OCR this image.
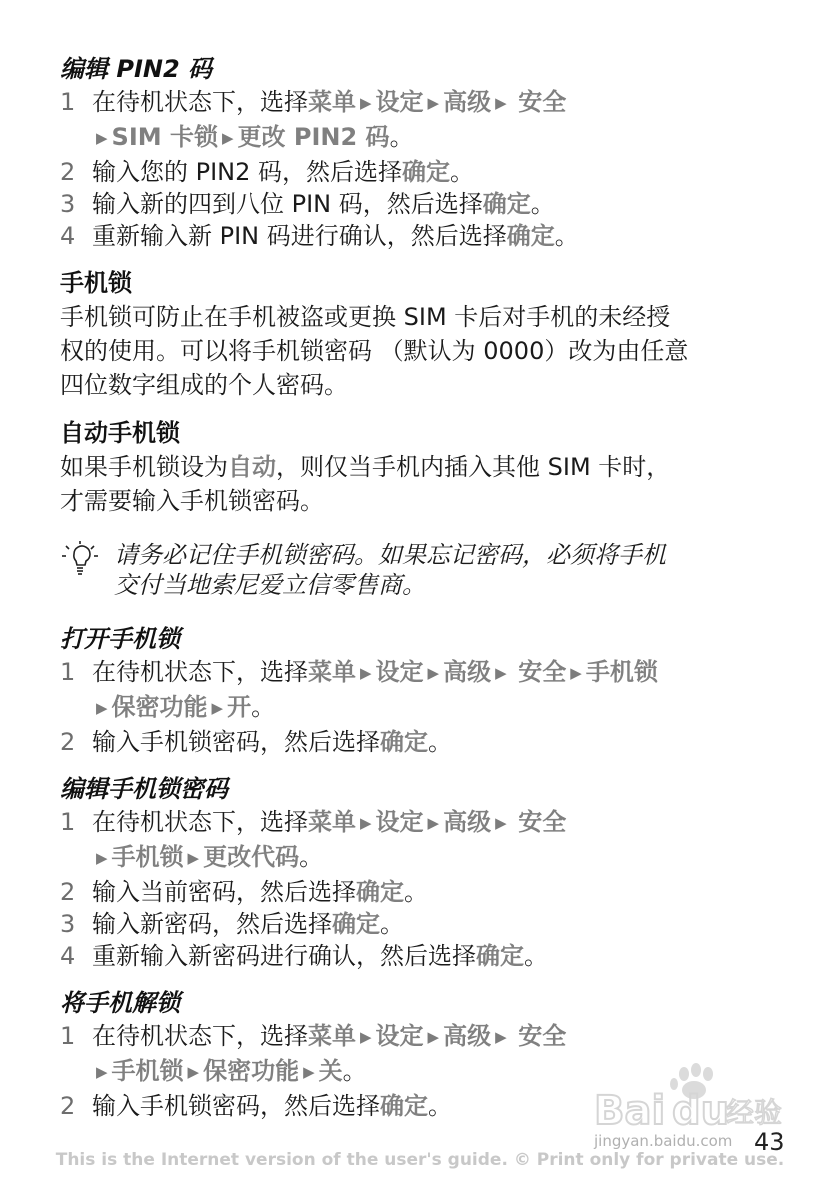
编辑 PIN2 码
1 在待机状态下，选择菜单 ▶ 设定 ▶ 高级 ▶ 安全
▶ SIM 卡锁 ▶ 更改 PIN2 码。
2 输入您的 PIN2 码，然后选择确定。
3 输入新的四到八位 PIN 码，然后选择确定。
4 重新输入新 PIN 码进行确认，然后选择确定。
手机锁

手机锁可防止在手机被盗或更换 SIM 卡后对手机的未经授

权的使用。可以将手机锁密码 （默认为 0000）改为由任意

四位数字组成的个人密码。

自动手机锁

如果手机锁设为自动，则仅当手机内插入其他 SIM 卡时，

才需要输入手机锁密码。

请务必记住手机锁密码。如果忘记密码，必须将手机
交付当地索尼爱立信零售商。
打开手机锁
1 在待机状态下，选择菜单 ▶ 设定 ▶ 高级 ▶ 安全 ▶ 手机锁
▶ 保密功能 ▶ 开。
2 输入手机锁密码，然后选择确定。
编辑手机锁密码
1 在待机状态下，选择菜单 ▶ 设定 ▶ 高级 ▶ 安全
▶ 手机锁 ▶ 更改代码。
2 输入当前密码，然后选择确定。
3 输入新密码，然后选择确定。
4 重新输入新密码进行确认，然后选择确定。
将手机解锁
1 在待机状态下，选择菜单 ▶ 设定 ▶ 高级 ▶ 安全
▶ 手机锁 ▶ 保密功能 ▶ 关。
2 输入手机锁密码，然后选择确定。	Bai du
经验
jingyan.baidu.com 43
This is the Internet version of the user's guide. © Print only for private use.
